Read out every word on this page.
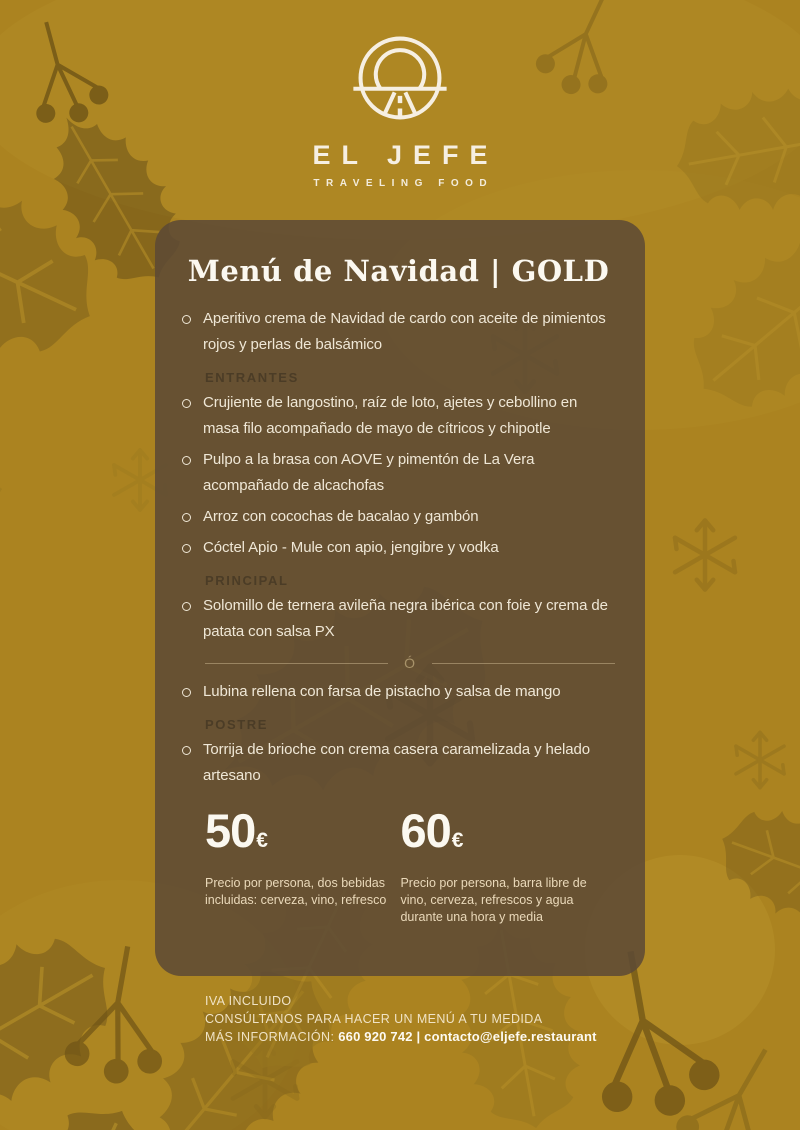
EL JEFE
TRAVELING FOOD
Menú de Navidad | GOLD
Aperitivo crema de Navidad de cardo con aceite de pimientos rojos y perlas de balsámico
ENTRANTES
Crujiente de langostino, raíz de loto, ajetes y cebollino en masa filo acompañado de mayo de cítricos y chipotle
Pulpo a la brasa con AOVE y pimentón de La Vera acompañado de alcachofas
Arroz con cocochas de bacalao y gambón
Cóctel Apio - Mule con apio, jengibre y vodka
PRINCIPAL
Solomillo de ternera avileña negra ibérica con foie y crema de patata con salsa PX
Ó
Lubina rellena con farsa de pistacho y salsa de mango
POSTRE
Torrija de brioche con crema casera caramelizada y helado artesano
50€
Precio por persona, dos bebidas incluidas: cerveza, vino, refresco
60€
Precio por persona, barra libre de vino, cerveza, refrescos y agua durante una hora y media
IVA INCLUIDO
CONSÚLTANOS PARA HACER UN MENÚ A TU MEDIDA
MÁS INFORMACIÓN: 660 920 742 | contacto@eljefe.restaurant
